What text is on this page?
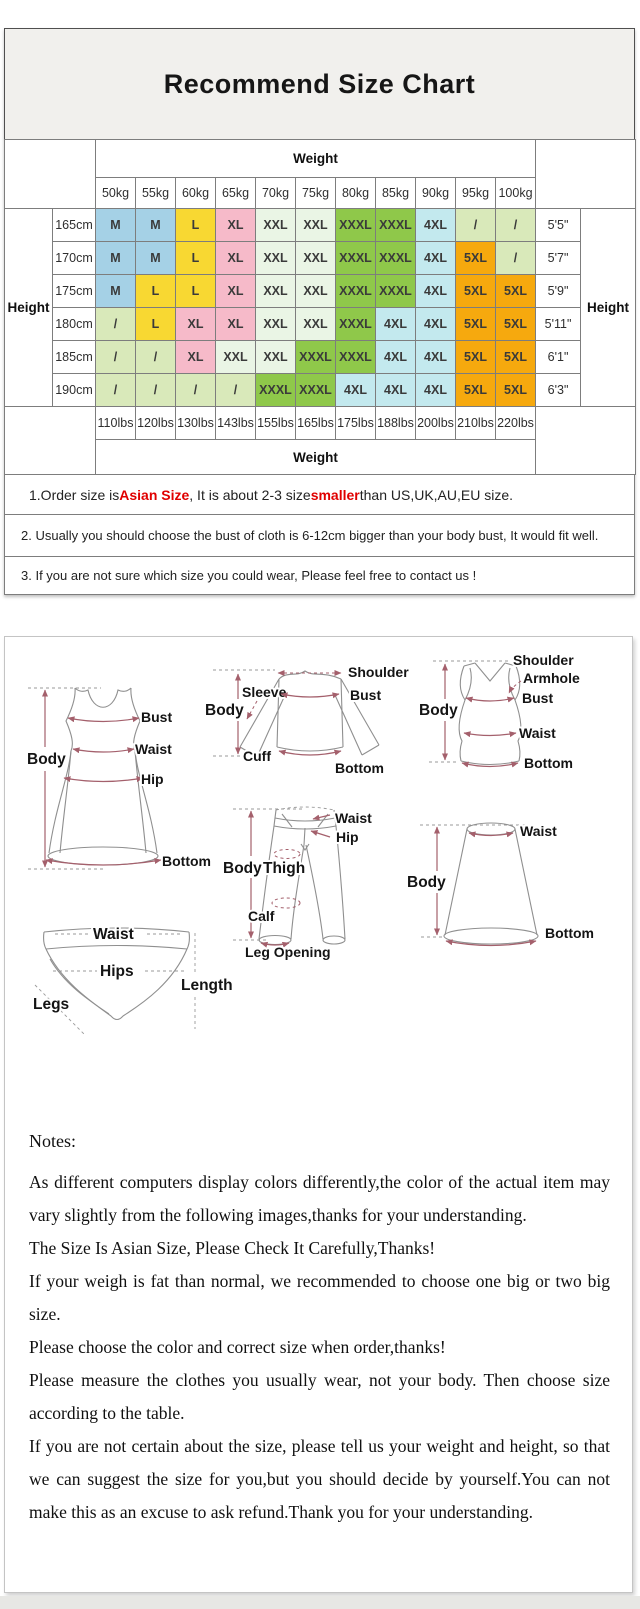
Recommend Size Chart
		Weight												
		50kg	55kg	60kg	65kg	70kg	75kg	80kg	85kg	90kg	95kg	100kg		
Height	165cm	M	M	L	XL	XXL	XXL	XXXL	XXXL	4XL	/	/	5'5"	Height
	170cm	M	M	L	XL	XXL	XXL	XXXL	XXXL	4XL	5XL	/	5'7"	
	175cm	M	L	L	XL	XXL	XXL	XXXL	XXXL	4XL	5XL	5XL	5'9"	
	180cm	/	L	XL	XL	XXL	XXL	XXXL	4XL	4XL	5XL	5XL	5'11"	
	185cm	/	/	XL	XXL	XXL	XXXL	XXXL	4XL	4XL	5XL	5XL	6'1"	
	190cm	/	/	/	/	XXXL	XXXL	4XL	4XL	4XL	5XL	5XL	6'3"	
		110lbs	120lbs	130lbs	143lbs	155lbs	165lbs	175lbs	188lbs	200lbs	210lbs	220lbs		
		Weight												
1.Order size is Asian Size , It is about 2-3 size smaller than US,UK,AU,EU size.
2. Usually you should choose the bust of cloth is 6-12cm bigger than your body bust, It would fit well.
3. If you are not sure which size you could wear, Please feel free to contact us !
Body
Bust
Waist
Hip
Bottom
Shoulder
Body
Sleeve	Bust
Cuff
Bottom
Shoulder
Armhole
Body
Bust
Waist
Bottom
Waist
Hip
Body Thigh
Calf
Leg Opening
Waist
Body
Bottom
Waist
Hips
Legs
Length

Notes:

As different computers display colors differently,the color of the actual item may vary slightly from the following images,thanks for your understanding.

The Size Is Asian Size, Please Check It Carefully,Thanks!

If your weigh is fat than normal, we recommended to choose one big or two big size.

Please choose the color and correct size when order,thanks!

Please measure the clothes you usually wear, not your body. Then choose size according to the table.

If you are not certain about the size, please tell us your weight and height, so that we can suggest the size for you,but you should decide by yourself.You can not make this as an excuse to ask refund.Thank you for your understanding.
